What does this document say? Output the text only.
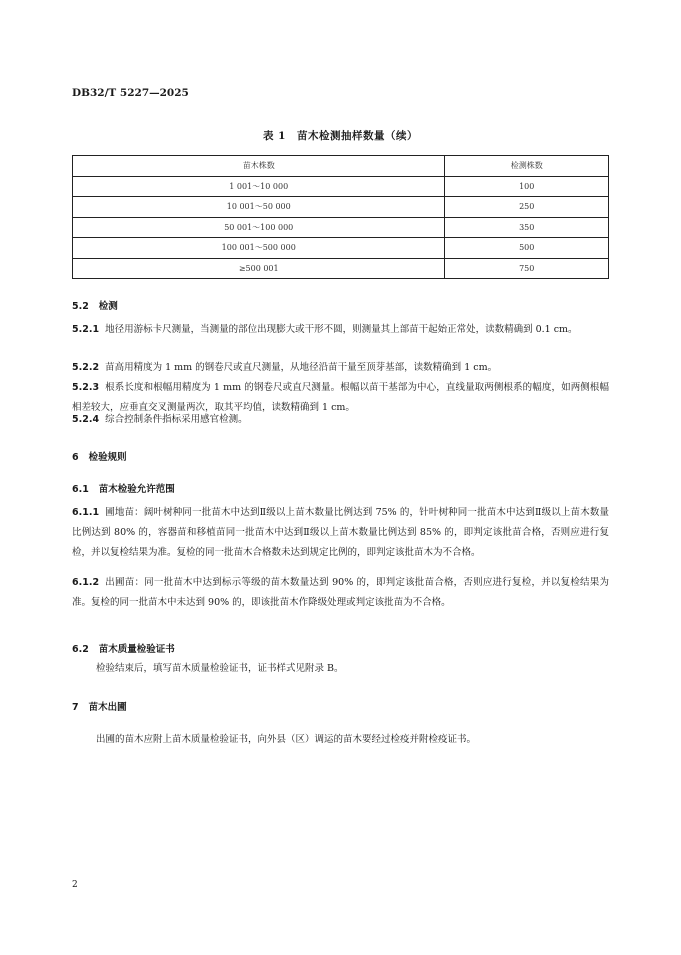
DB32/T 5227—2025
表 1　苗木检测抽样数量（续）
苗木株数	检测株数
1 001～10 000	100
10 001～50 000	250
50 001～100 000	350
100 001～500 000	500
≥500 001	750
5.2 检测
5.2.1 地径用游标卡尺测量，当测量的部位出现膨大或干形不圆，则测量其上部苗干起始正常处，读数精确到 0.1 cm。
5.2.2 苗高用精度为 1 mm 的钢卷尺或直尺测量，从地径沿苗干量至顶芽基部，读数精确到 1 cm。
5.2.3 根系长度和根幅用精度为 1 mm 的钢卷尺或直尺测量。根幅以苗干基部为中心，直线量取两侧根系的幅度，如两侧根幅相差较大，应垂直交叉测量两次，取其平均值，读数精确到 1 cm。
5.2.4 综合控制条件指标采用感官检测。
6 检验规则
6.1 苗木检验允许范围
6.1.1 圃地苗：阔叶树种同一批苗木中达到Ⅱ级以上苗木数量比例达到 75% 的，针叶树种同一批苗木中达到Ⅱ级以上苗木数量比例达到 80% 的，容器苗和移植苗同一批苗木中达到Ⅱ级以上苗木数量比例达到 85% 的，即判定该批苗合格，否则应进行复检，并以复检结果为准。复检的同一批苗木合格数未达到规定比例的，即判定该批苗木为不合格。
6.1.2 出圃苗：同一批苗木中达到标示等级的苗木数量达到 90% 的，即判定该批苗合格，否则应进行复检，并以复检结果为准。复检的同一批苗木中未达到 90% 的，即该批苗木作降级处理或判定该批苗为不合格。
6.2 苗木质量检验证书
检验结束后，填写苗木质量检验证书，证书样式见附录 B。
7 苗木出圃
出圃的苗木应附上苗木质量检验证书，向外县（区）调运的苗木要经过检疫并附检疫证书。
2
